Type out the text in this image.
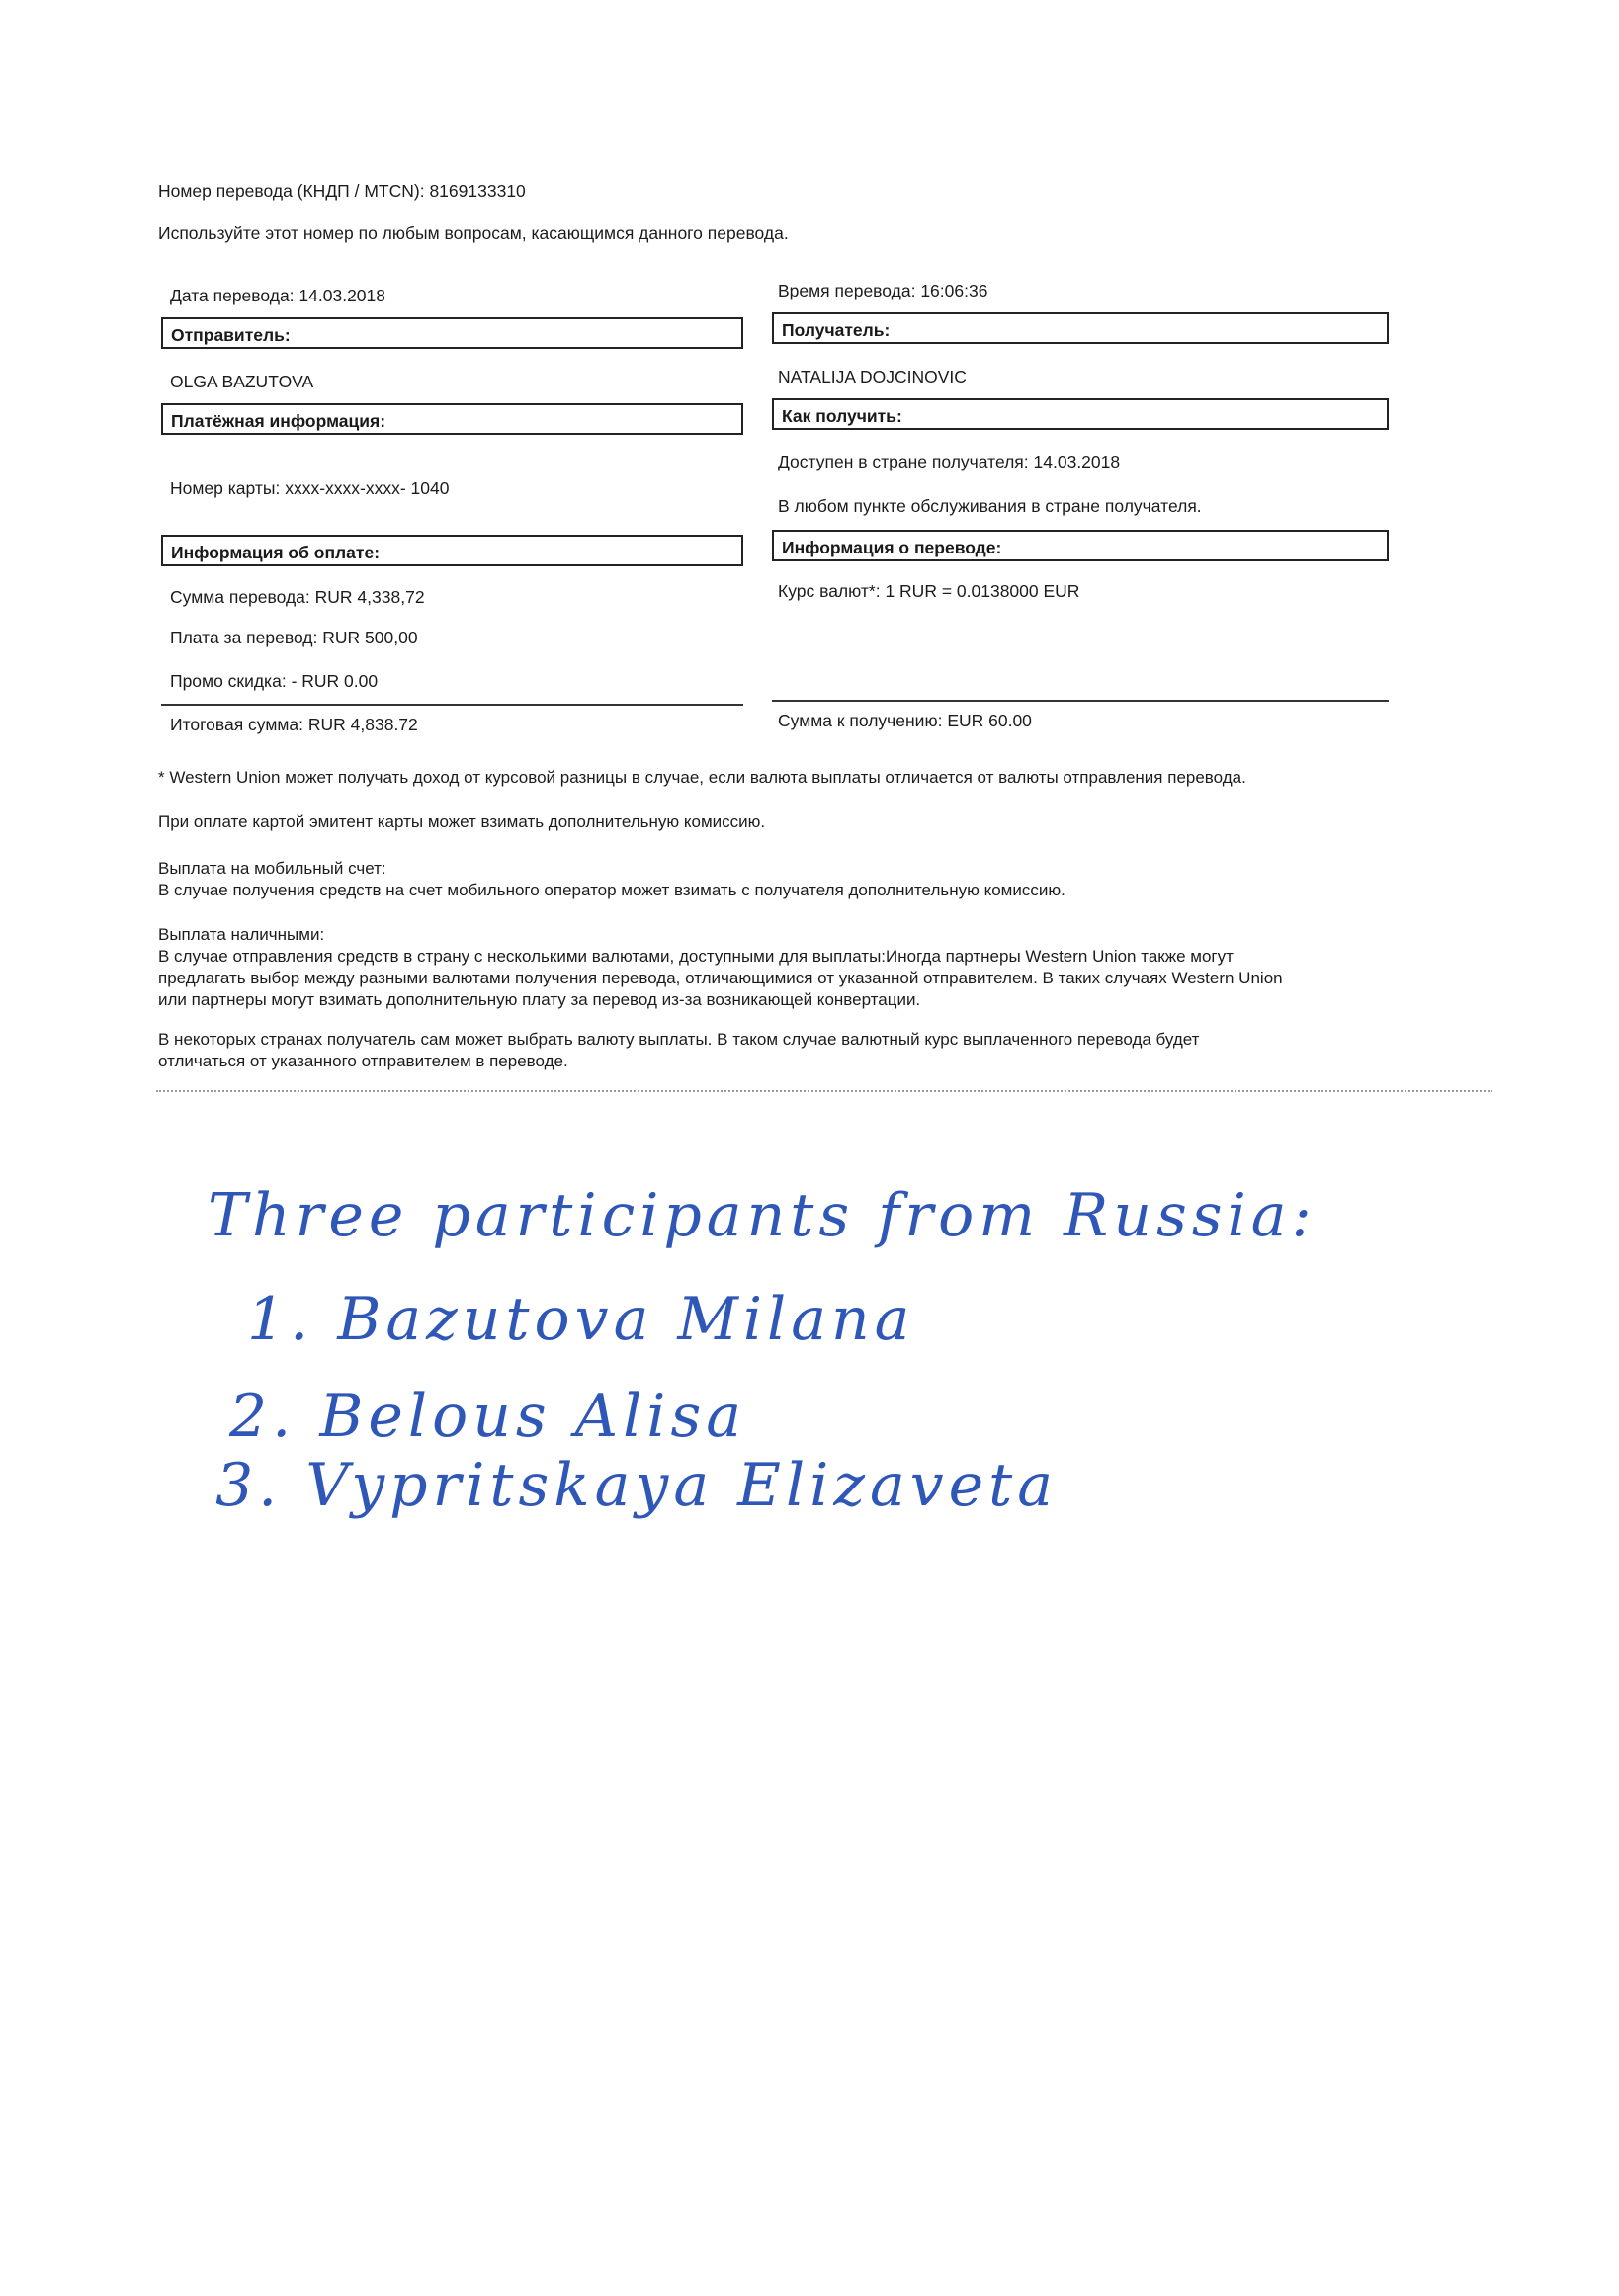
Номер перевода (КНДП / MTCN): 8169133310
Используйте этот номер по любым вопросам, касающимся данного перевода.
Дата перевода: 14.03.2018
Отправитель:
OLGA BAZUTOVA
Платёжная информация:
Номер карты: xxxx-xxxx-xxxx- 1040
Информация об оплате:
Сумма перевода: RUR 4,338,72
Плата за перевод: RUR 500,00
Промо скидка: - RUR 0.00
Итоговая сумма: RUR 4,838.72
Время перевода: 16:06:36
Получатель:
NATALIJA DOJCINOVIC
Как получить:
Доступен в стране получателя: 14.03.2018
В любом пункте обслуживания в стране получателя.
Информация о переводе:
Курс валют*: 1 RUR = 0.0138000 EUR
Сумма к получению: EUR 60.00
* Western Union может получать доход от курсовой разницы в случае, если валюта выплаты отличается от валюты отправления перевода.
При оплате картой эмитент карты может взимать дополнительную комиссию.
Выплата на мобильный счет:
В случае получения средств на счет мобильного оператор может взимать с получателя дополнительную комиссию.
Выплата наличными:
В случае отправления средств в страну с несколькими валютами, доступными для выплаты:Иногда партнеры Western Union также могут
предлагать выбор между разными валютами получения перевода, отличающимися от указанной отправителем. В таких случаях Western Union
или партнеры могут взимать дополнительную плату за перевод из-за возникающей конвертации.
В некоторых странах получатель сам может выбрать валюту выплаты. В таком случае валютный курс выплаченного перевода будет
отличаться от указанного отправителем в переводе.
Three participants from Russia:
1. Bazutova Milana
2. Belous Alisa
3. Vypritskaya Elizaveta
